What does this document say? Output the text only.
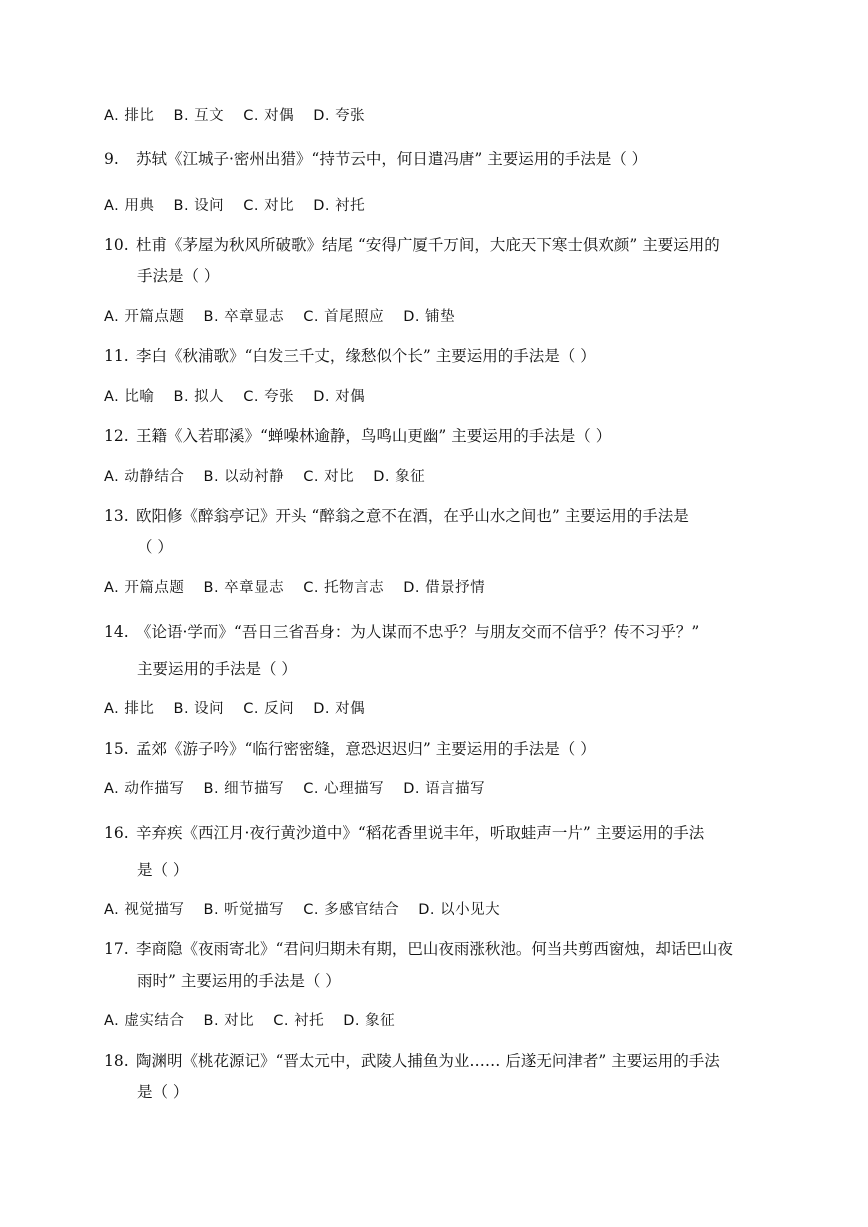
A. 排比 B. 互文 C. 对偶 D. 夸张
9. 苏轼《江城子·密州出猎》“持节云中，何日遣冯唐” 主要运用的手法是（ ）
A. 用典 B. 设问 C. 对比 D. 衬托
10. 杜甫《茅屋为秋风所破歌》结尾 “安得广厦千万间，大庇天下寒士俱欢颜” 主要运用的
手法是（ ）
A. 开篇点题 B. 卒章显志 C. 首尾照应 D. 铺垫
11. 李白《秋浦歌》“白发三千丈，缘愁似个长” 主要运用的手法是（ ）
A. 比喻 B. 拟人 C. 夸张 D. 对偶
12. 王籍《入若耶溪》“蝉噪林逾静，鸟鸣山更幽” 主要运用的手法是（ ）
A. 动静结合 B. 以动衬静 C. 对比 D. 象征
13. 欧阳修《醉翁亭记》开头 “醉翁之意不在酒，在乎山水之间也” 主要运用的手法是
（ ）
A. 开篇点题 B. 卒章显志 C. 托物言志 D. 借景抒情
14. 《论语·学而》“吾日三省吾身：为人谋而不忠乎？与朋友交而不信乎？传不习乎？”
主要运用的手法是（ ）
A. 排比 B. 设问 C. 反问 D. 对偶
15. 孟郊《游子吟》“临行密密缝，意恐迟迟归” 主要运用的手法是（ ）
A. 动作描写 B. 细节描写 C. 心理描写 D. 语言描写
16. 辛弃疾《西江月·夜行黄沙道中》“稻花香里说丰年，听取蛙声一片” 主要运用的手法
是（ ）
A. 视觉描写 B. 听觉描写 C. 多感官结合 D. 以小见大
17. 李商隐《夜雨寄北》“君问归期未有期，巴山夜雨涨秋池。何当共剪西窗烛，却话巴山夜
雨时” 主要运用的手法是（ ）
A. 虚实结合 B. 对比 C. 衬托 D. 象征
18. 陶渊明《桃花源记》“晋太元中，武陵人捕鱼为业…… 后遂无问津者” 主要运用的手法
是（ ）
